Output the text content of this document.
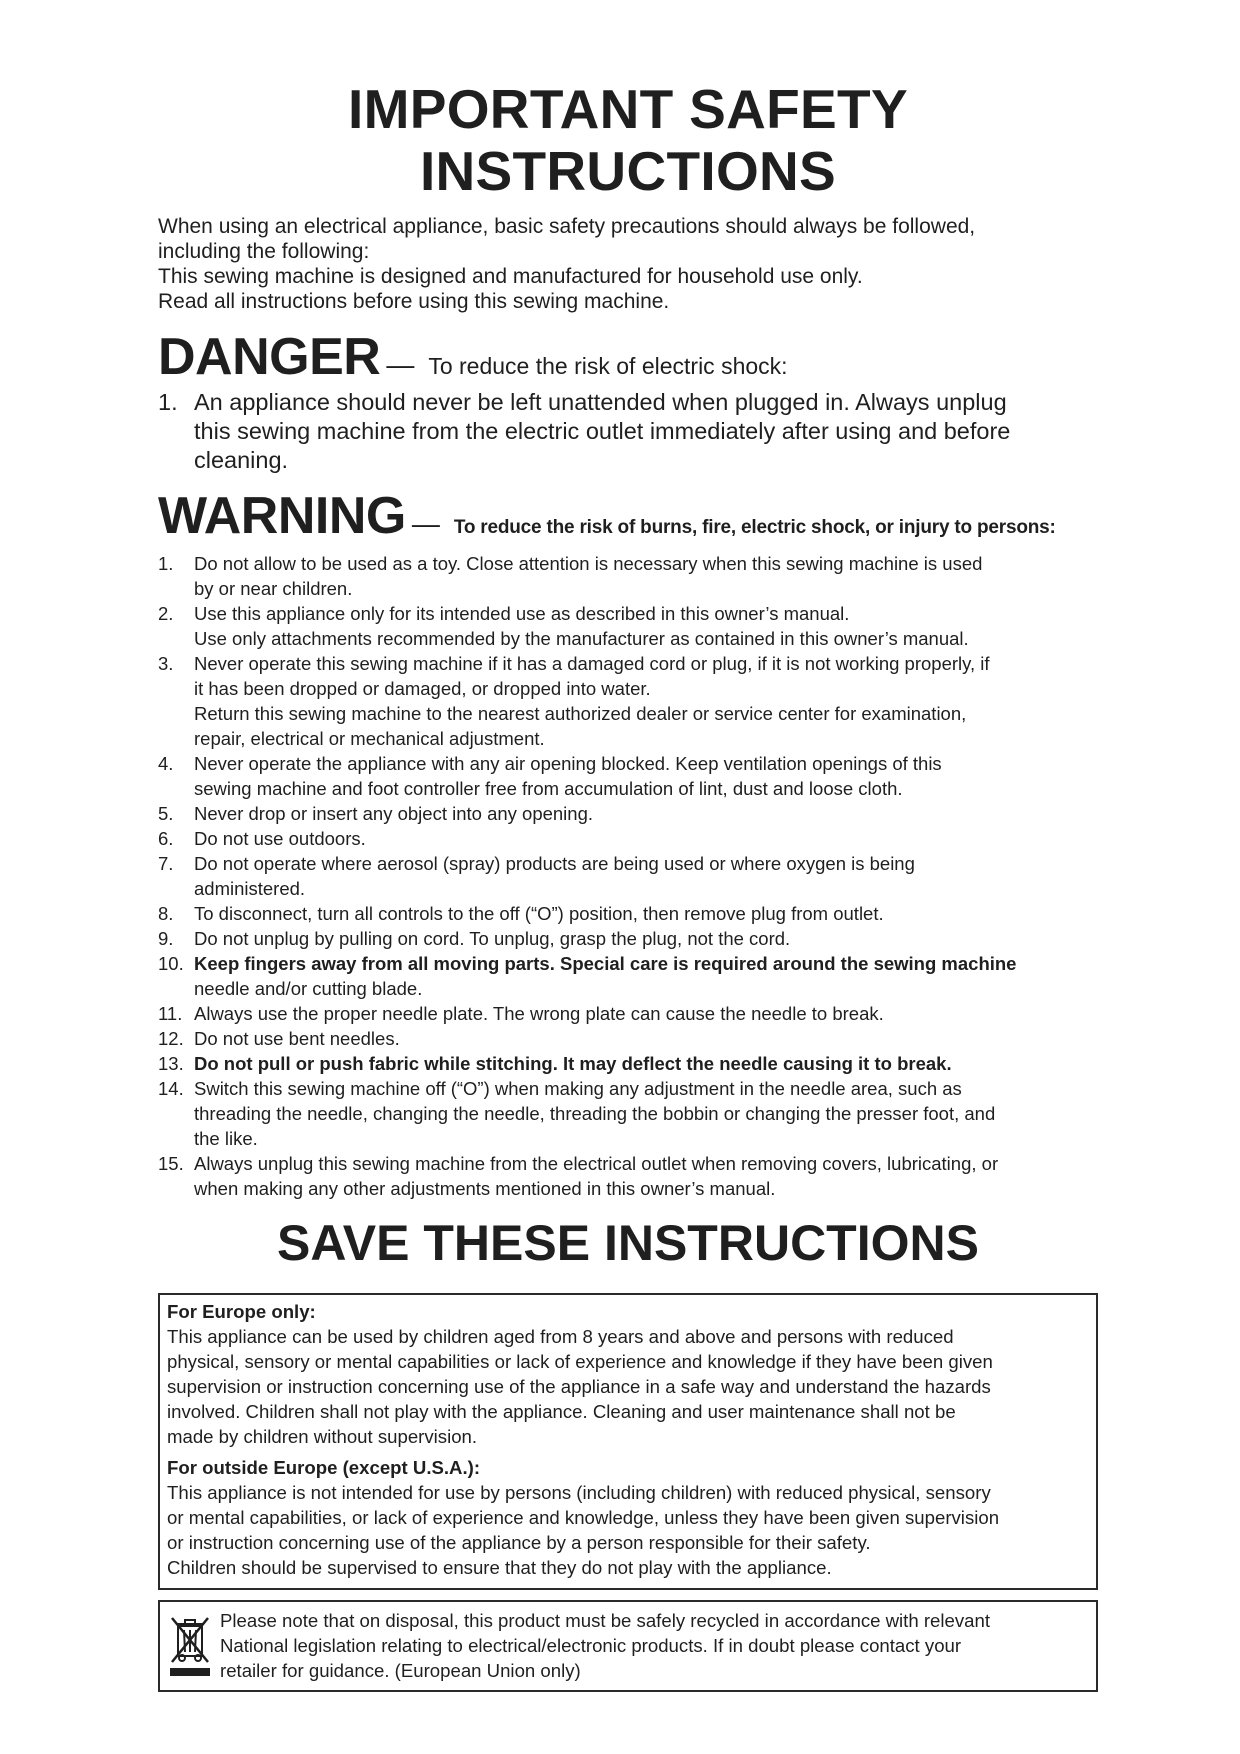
IMPORTANT SAFETY INSTRUCTIONS
When using an electrical appliance, basic safety precautions should always be followed,
including the following:
This sewing machine is designed and manufactured for household use only.
Read all instructions before using this sewing machine.
DANGER — To reduce the risk of electric shock:
1. An appliance should never be left unattended when plugged in. Always unplug
this sewing machine from the electric outlet immediately after using and before
cleaning.
WARNING — To reduce the risk of burns, fire, electric shock, or injury to persons:
1.	Do not allow to be used as a toy. Close attention is necessary when this sewing machine is used
by or near children.
2.	Use this appliance only for its intended use as described in this owner’s manual.
Use only attachments recommended by the manufacturer as contained in this owner’s manual.
3.	Never operate this sewing machine if it has a damaged cord or plug, if it is not working properly, if
it has been dropped or damaged, or dropped into water.
Return this sewing machine to the nearest authorized dealer or service center for examination,
repair, electrical or mechanical adjustment.
4.	Never operate the appliance with any air opening blocked. Keep ventilation openings of this
sewing machine and foot controller free from accumulation of lint, dust and loose cloth.
5.	Never drop or insert any object into any opening.
6.	Do not use outdoors.
7.	Do not operate where aerosol (spray) products are being used or where oxygen is being
administered.
8.	To disconnect, turn all controls to the off (“O”) position, then remove plug from outlet.
9.	Do not unplug by pulling on cord. To unplug, grasp the plug, not the cord.
10. Keep fingers away from all moving parts. Special care is required around the sewing machine
needle and/or cutting blade.
11. Always use the proper needle plate. The wrong plate can cause the needle to break.
12. Do not use bent needles.
13. Do not pull or push fabric while stitching. It may deflect the needle causing it to break.
14. Switch this sewing machine off (“O”) when making any adjustment in the needle area, such as
threading the needle, changing the needle, threading the bobbin or changing the presser foot, and
the like.
15. Always unplug this sewing machine from the electrical outlet when removing covers, lubricating, or
when making any other adjustments mentioned in this owner’s manual.
SAVE THESE INSTRUCTIONS
For Europe only:
This appliance can be used by children aged from 8 years and above and persons with reduced
physical, sensory or mental capabilities or lack of experience and knowledge if they have been given
supervision or instruction concerning use of the appliance in a safe way and understand the hazards
involved. Children shall not play with the appliance. Cleaning and user maintenance shall not be
made by children without supervision.
For outside Europe (except U.S.A.):
This appliance is not intended for use by persons (including children) with reduced physical, sensory
or mental capabilities, or lack of experience and knowledge, unless they have been given supervision
or instruction concerning use of the appliance by a person responsible for their safety.
Children should be supervised to ensure that they do not play with the appliance.
Please note that on disposal, this product must be safely recycled in accordance with relevant
National legislation relating to electrical/electronic products. If in doubt please contact your
retailer for guidance. (European Union only)
